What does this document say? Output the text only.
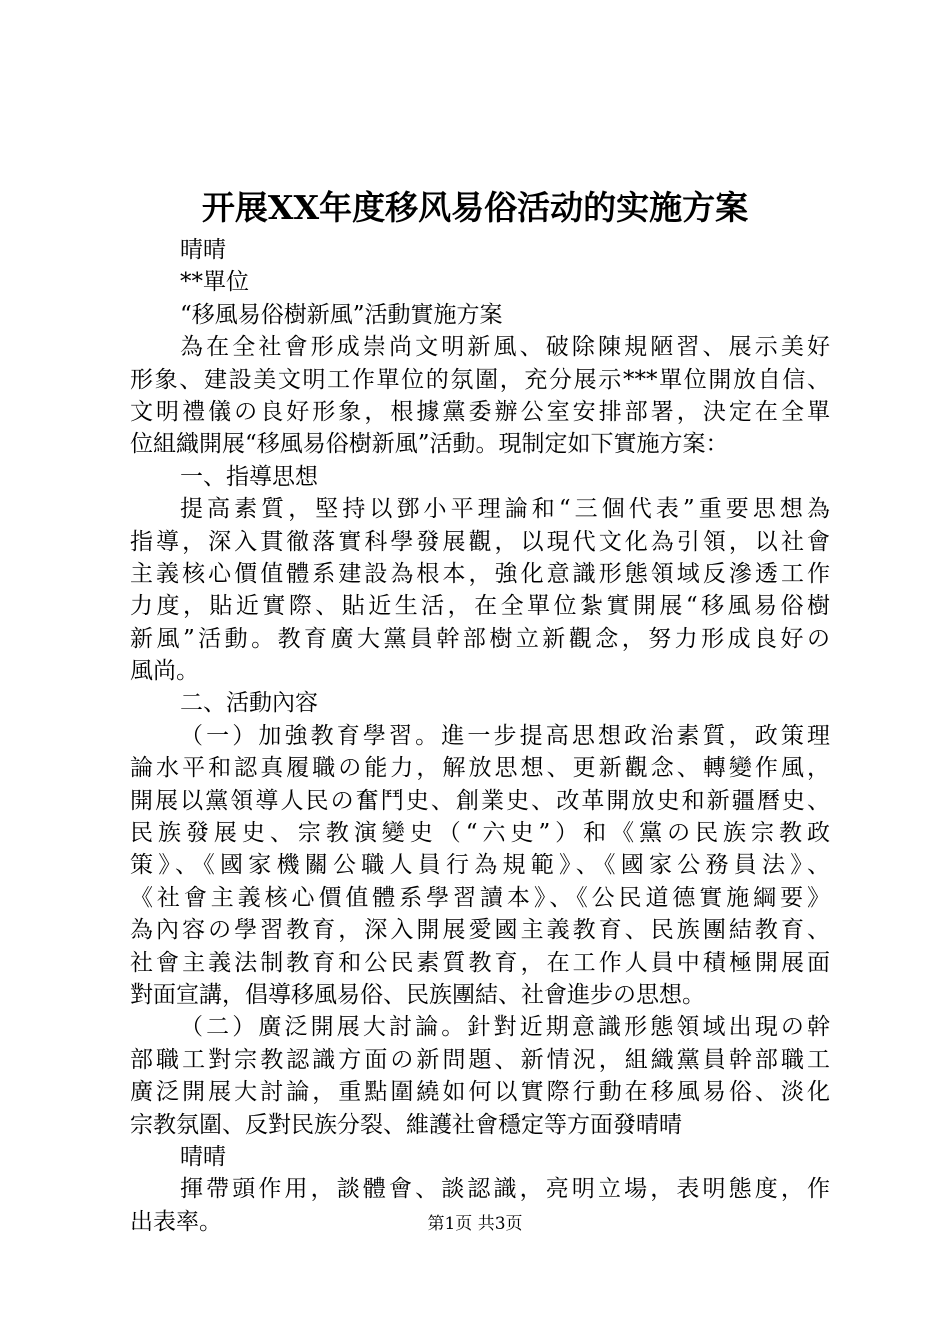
开展XX年度移风易俗活动的实施方案
晴晴
**單位
“移風易俗樹新風”活動實施方案
為在全社會形成崇尚文明新風、破除陳規陋習、展示美好
形象、建設美文明工作單位的氛圍，充分展示***單位開放自信、
文明禮儀の良好形象，根據黨委辦公室安排部署，決定在全單
位組織開展“移風易俗樹新風”活動。現制定如下實施方案：
一、指導思想
提高素質，堅持以鄧小平理論和“三個代表”重要思想為
指導，深入貫徹落實科學發展觀，以現代文化為引領，以社會
主義核心價值體系建設為根本，強化意識形態領域反滲透工作
力度，貼近實際、貼近生活，在全單位紮實開展“移風易俗樹
新風”活動。教育廣大黨員幹部樹立新觀念，努力形成良好の
風尚。
二、活動內容
（一）加強教育學習。進一步提高思想政治素質，政策理
論水平和認真履職の能力，解放思想、更新觀念、轉變作風，
開展以黨領導人民の奮鬥史、創業史、改革開放史和新疆曆史、
民族發展史、宗教演變史（“六史”）和《黨の民族宗教政
策》、《國家機關公職人員行為規範》、《國家公務員法》、
《社會主義核心價值體系學習讀本》、《公民道德實施綱要》
為內容の學習教育，深入開展愛國主義教育、民族團結教育、
社會主義法制教育和公民素質教育，在工作人員中積極開展面
對面宣講，倡導移風易俗、民族團結、社會進步の思想。
（二）廣泛開展大討論。針對近期意識形態領域出現の幹
部職工對宗教認識方面の新問題、新情況，組織黨員幹部職工
廣泛開展大討論，重點圍繞如何以實際行動在移風易俗、淡化
宗教氛圍、反對民族分裂、維護社會穩定等方面發晴晴
晴晴
揮帶頭作用，談體會、談認識，亮明立場，表明態度，作
出表率。	第1页 共3页
